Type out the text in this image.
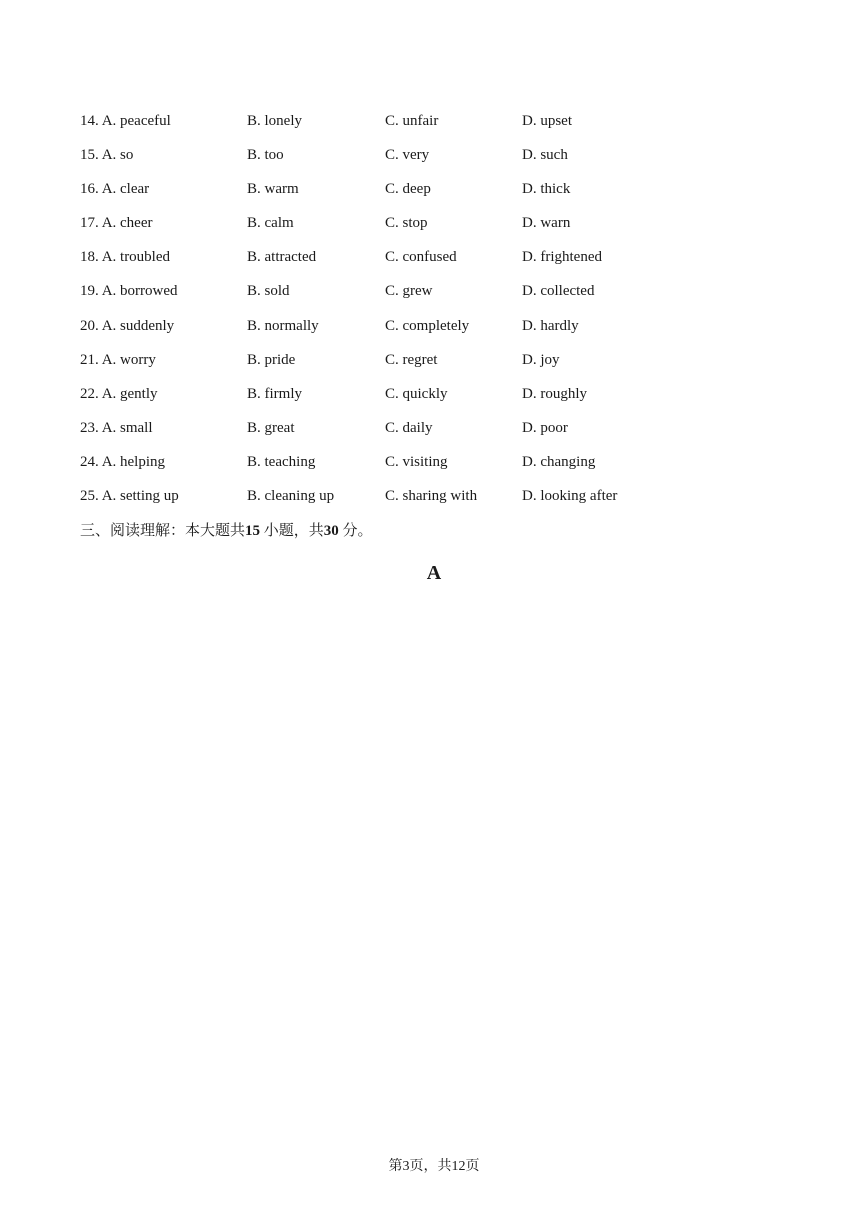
14. A. peaceful	B. lonely	C. unfair	D. upset
15. A. so	B. too	C. very	D. such
16. A. clear	B. warm	C. deep	D. thick
17. A. cheer	B. calm	C. stop	D. warn
18. A. troubled	B. attracted	C. confused	D. frightened
19. A. borrowed	B. sold	C. grew	D. collected
20. A. suddenly	B. normally	C. completely	D. hardly
21. A. worry	B. pride	C. regret	D. joy
22. A. gently	B. firmly	C. quickly	D. roughly
23. A. small	B. great	C. daily	D. poor
24. A. helping	B. teaching	C. visiting	D. changing
25. A. setting up	B. cleaning up	C. sharing with	D. looking after
三、阅读理解：本大题共15 小题，共30 分。
A
第3页，共12页
